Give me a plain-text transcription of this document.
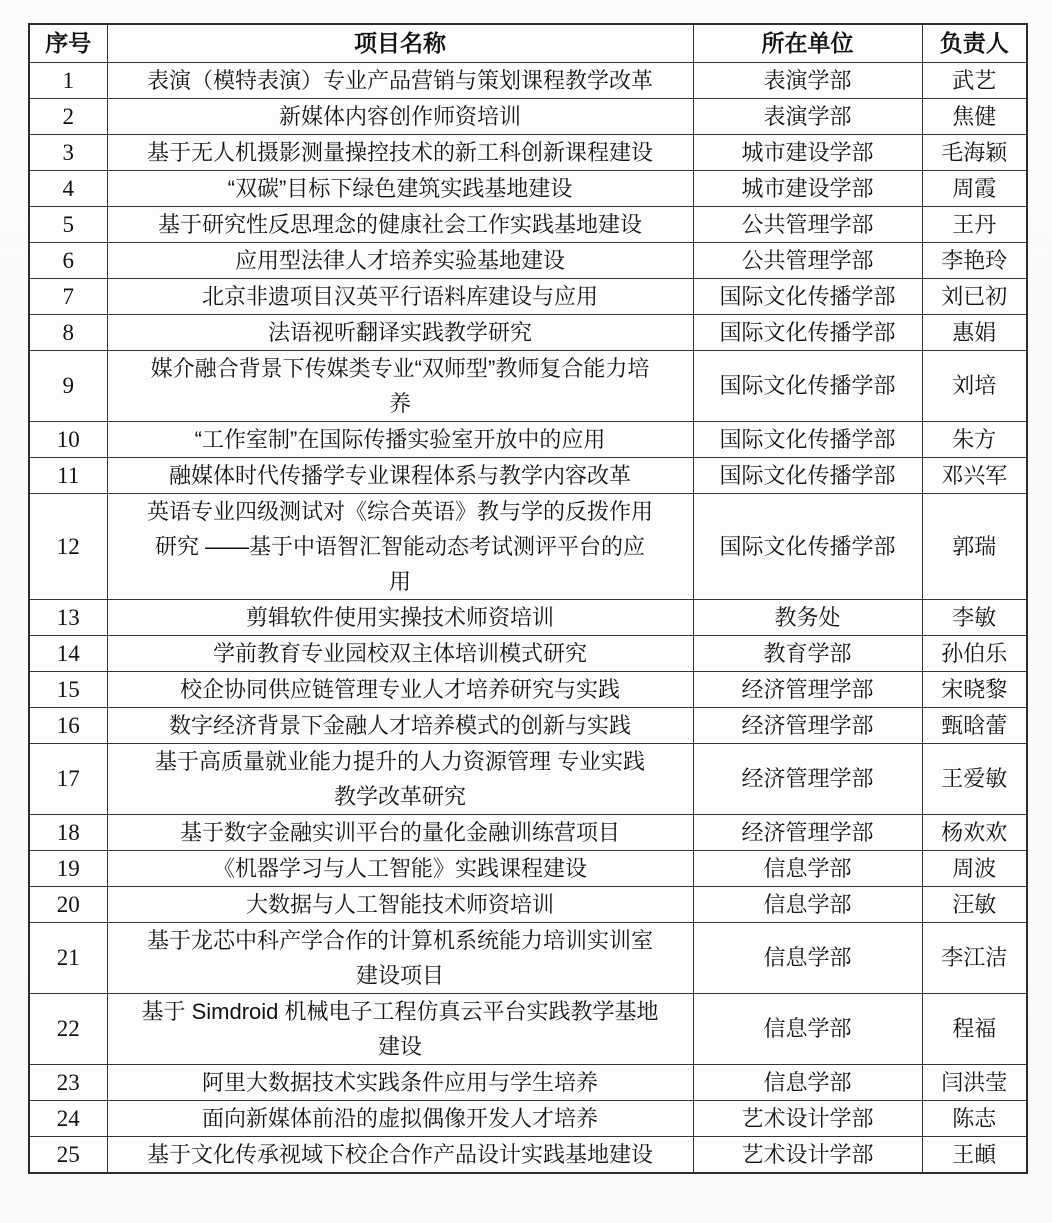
序号	项目名称	所在单位	负责人
1	表演（模特表演）专业产品营销与策划课程教学改革	表演学部	武艺
2	新媒体内容创作师资培训	表演学部	焦健
3	基于无人机摄影测量操控技术的新工科创新课程建设	城市建设学部	毛海颖
4	“双碳”目标下绿色建筑实践基地建设	城市建设学部	周霞
5	基于研究性反思理念的健康社会工作实践基地建设	公共管理学部	王丹
6	应用型法律人才培养实验基地建设	公共管理学部	李艳玲
7	北京非遗项目汉英平行语料库建设与应用	国际文化传播学部	刘已初
8	法语视听翻译实践教学研究	国际文化传播学部	惠娟
9	媒介融合背景下传媒类专业“双师型”教师复合能力培
养	国际文化传播学部	刘培
10	“工作室制”在国际传播实验室开放中的应用	国际文化传播学部	朱方
11	融媒体时代传播学专业课程体系与教学内容改革	国际文化传播学部	邓兴军
12	英语专业四级测试对《综合英语》教与学的反拨作用
研究 ——基于中语智汇智能动态考试测评平台的应
用	国际文化传播学部	郭瑞
13	剪辑软件使用实操技术师资培训	教务处	李敏
14	学前教育专业园校双主体培训模式研究	教育学部	孙伯乐
15	校企协同供应链管理专业人才培养研究与实践	经济管理学部	宋晓黎
16	数字经济背景下金融人才培养模式的创新与实践	经济管理学部	甄晗蕾
17	基于高质量就业能力提升的人力资源管理 专业实践
教学改革研究	经济管理学部	王爱敏
18	基于数字金融实训平台的量化金融训练营项目	经济管理学部	杨欢欢
19	《机器学习与人工智能》实践课程建设	信息学部	周波
20	大数据与人工智能技术师资培训	信息学部	汪敏
21	基于龙芯中科产学合作的计算机系统能力培训实训室
建设项目	信息学部	李江洁
22	基于 Simdroid 机械电子工程仿真云平台实践教学基地
建设	信息学部	程福
23	阿里大数据技术实践条件应用与学生培养	信息学部	闫洪莹
24	面向新媒体前沿的虚拟偶像开发人才培养	艺术设计学部	陈志
25	基于文化传承视域下校企合作产品设计实践基地建设	艺术设计学部	王頔
